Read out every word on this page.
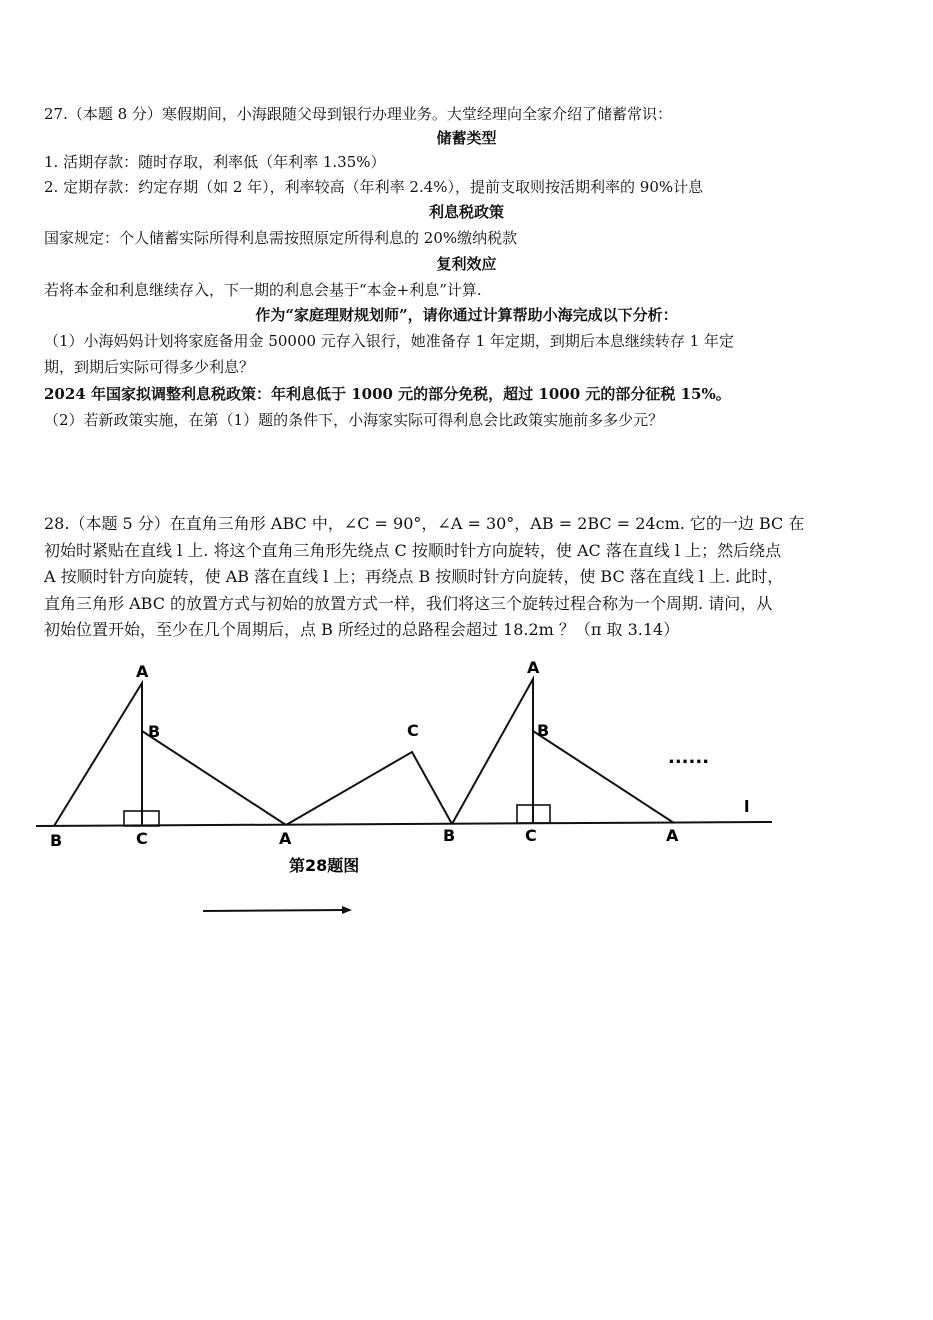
27.（本题 8 分）寒假期间，小海跟随父母到银行办理业务。大堂经理向全家介绍了储蓄常识：
储蓄类型
1. 活期存款：随时存取，利率低（年利率 1.35%）
2. 定期存款：约定存期（如 2 年），利率较高（年利率 2.4%），提前支取则按活期利率的 90%计息
利息税政策
国家规定：个人储蓄实际所得利息需按照原定所得利息的 20%缴纳税款
复利效应
若将本金和利息继续存入，下一期的利息会基于“本金+利息”计算.
作为“家庭理财规划师”，请你通过计算帮助小海完成以下分析：
（1）小海妈妈计划将家庭备用金 50000 元存入银行，她准备存 1 年定期，到期后本息继续转存 1 年定
期，到期后实际可得多少利息？
2024 年国家拟调整利息税政策：年利息低于 1000 元的部分免税，超过 1000 元的部分征税 15%。
（2）若新政策实施，在第（1）题的条件下，小海家实际可得利息会比政策实施前多多少元？
28.（本题 5 分）在直角三角形 ABC 中，∠C = 90°，∠A = 30°，AB = 2BC = 24cm. 它的一边 BC 在
初始时紧贴在直线 l 上. 将这个直角三角形先绕点 C 按顺时针方向旋转，使 AC 落在直线 l 上；然后绕点
A 按顺时针方向旋转，使 AB 落在直线 l 上；再绕点 B 按顺时针方向旋转，使 BC 落在直线 l 上. 此时，
直角三角形 ABC 的放置方式与初始的放置方式一样，我们将这三个旋转过程合称为一个周期. 请问，从
初始位置开始，至少在几个周期后，点 B 所经过的总路程会超过 18.2m ？（π 取 3.14）
A
B
B	C	A
C
B
A
B
C	A
......
l
第28题图
